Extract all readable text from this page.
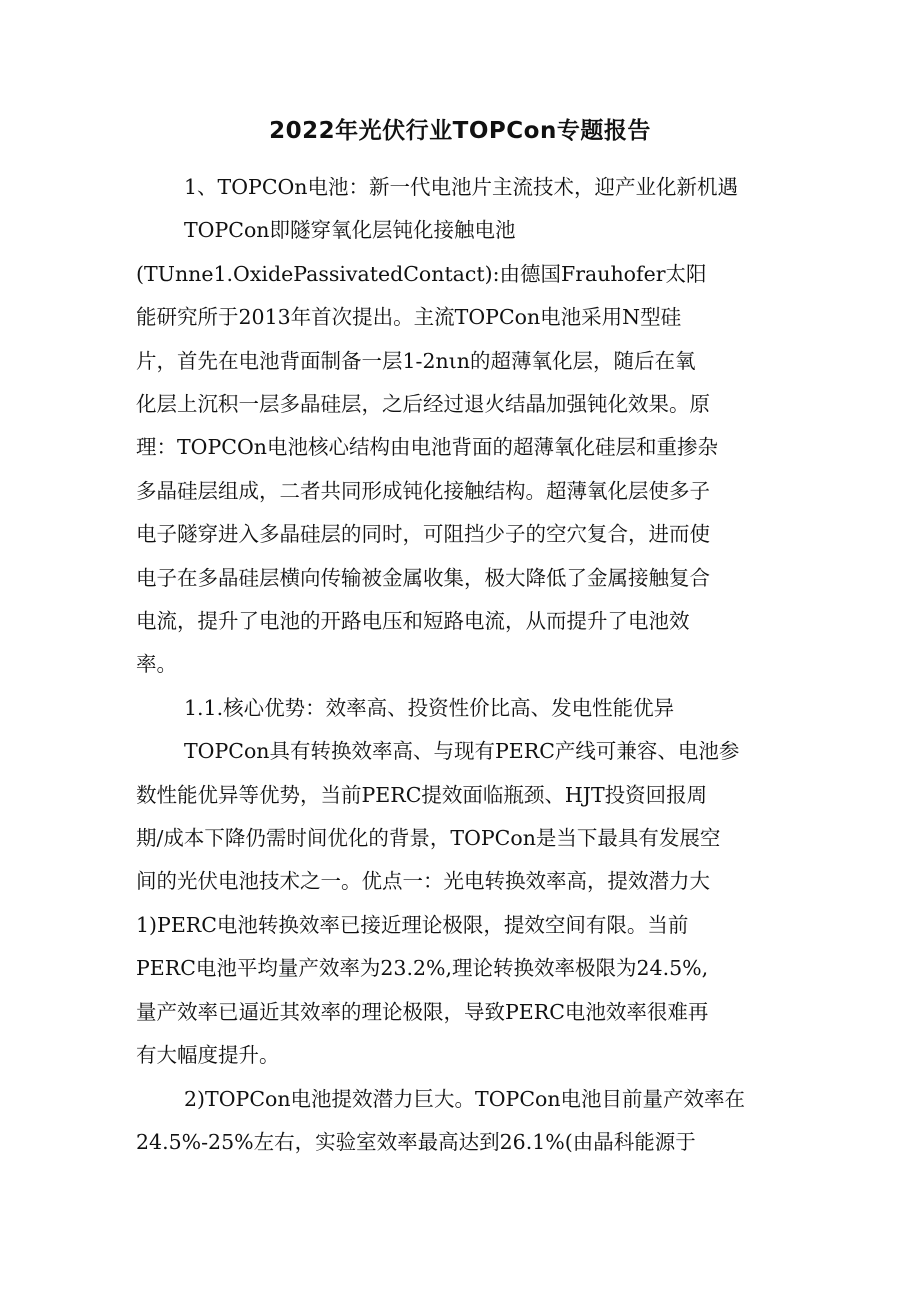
2022年光伏行业TOPCon专题报告
1、TOPCOn电池：新一代电池片主流技术，迎产业化新机遇
TOPCon即隧穿氧化层钝化接触电池
(TUnne1.OxidePassivatedContact):由德国Frauhofer太阳
能研究所于2013年首次提出。主流TOPCon电池采用N型硅
片，首先在电池背面制备一层1-2nιn的超薄氧化层，随后在氧
化层上沉积一层多晶硅层，之后经过退火结晶加强钝化效果。原
理：TOPCOn电池核心结构由电池背面的超薄氧化硅层和重掺杂
多晶硅层组成，二者共同形成钝化接触结构。超薄氧化层使多子
电子隧穿进入多晶硅层的同时，可阻挡少子的空穴复合，进而使
电子在多晶硅层横向传输被金属收集，极大降低了金属接触复合
电流，提升了电池的开路电压和短路电流，从而提升了电池效
率。
1.1.核心优势：效率高、投资性价比高、发电性能优异
TOPCon具有转换效率高、与现有PERC产线可兼容、电池参
数性能优异等优势，当前PERC提效面临瓶颈、HJT投资回报周
期/成本下降仍需时间优化的背景，TOPCon是当下最具有发展空
间的光伏电池技术之一。优点一：光电转换效率高，提效潜力大
1)PERC电池转换效率已接近理论极限，提效空间有限。当前
PERC电池平均量产效率为23.2%,理论转换效率极限为24.5%,
量产效率已逼近其效率的理论极限，导致PERC电池效率很难再
有大幅度提升。
2)TOPCon电池提效潜力巨大。TOPCon电池目前量产效率在
24.5%-25%左右，实验室效率最高达到26.1%(由晶科能源于
